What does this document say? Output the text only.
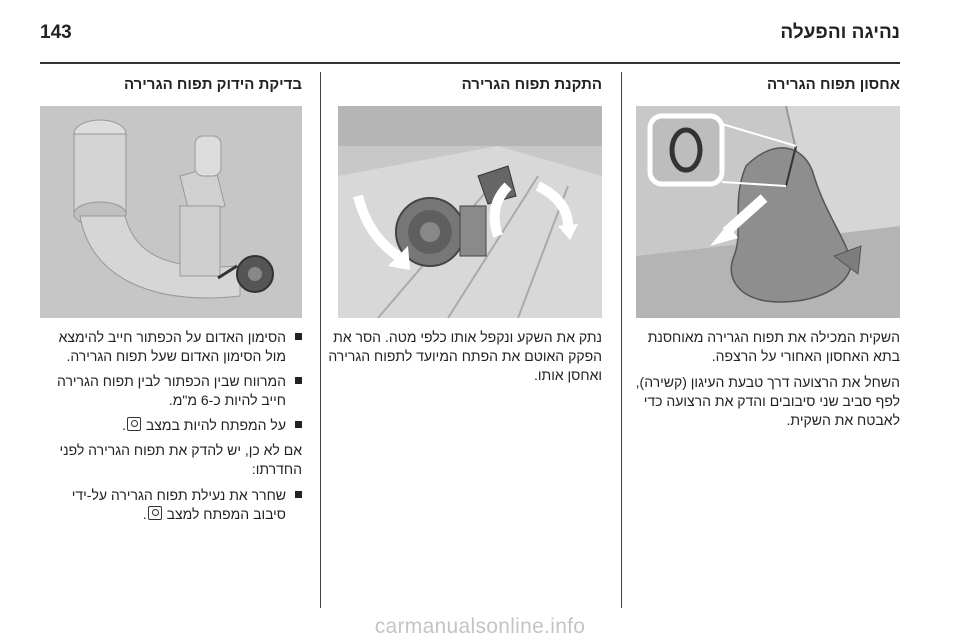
נהיגה והפעלה
143
אחסון תפוח הגרירה

השקית המכילה את תפוח הגרירה מאוחסנת בתא האחסון האחורי על הרצפה.

השחל את הרצועה דרך טבעת העיגון (קשירה), לפף סביב שני סיבובים והדק את הרצועה כדי לאבטח את השקית.

התקנת תפוח הגרירה

נתק את השקע ונקפל אותו כלפי מטה. הסר את הפקק האוטם את הפתח המיועד לתפוח הגרירה ואחסן אותו.

בדיקת הידוק תפוח הגרירה
הסימון האדום על הכפתור חייב להימצא מול הסימון האדום שעל תפוח הגרירה.
המרווח שבין הכפתור לבין תפוח הגרירה חייב להיות כ-6 מ"מ.
על המפתח להיות במצב .

אם לא כן, יש להדק את תפוח הגרירה לפני החדרתו:

שחרר את נעילת תפוח הגרירה על-ידי סיבוב המפתח למצב .
carmanualsonline.info
